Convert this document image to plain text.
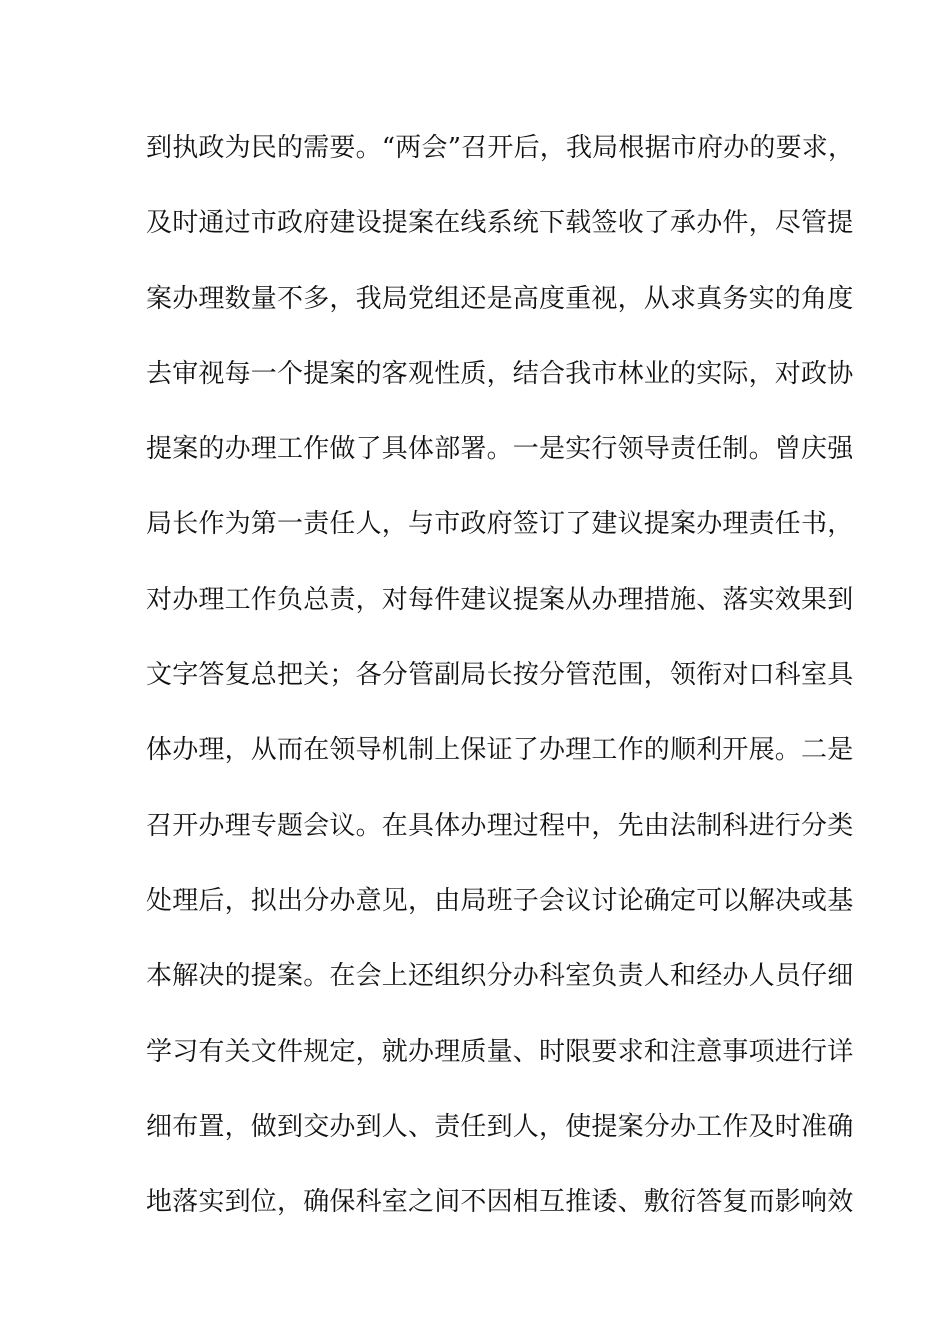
到执政为民的需要。“两会”召开后，我局根据市府办的要求，
及时通过市政府建设提案在线系统下载签收了承办件，尽管提
案办理数量不多，我局党组还是高度重视，从求真务实的角度
去审视每一个提案的客观性质，结合我市林业的实际，对政协
提案的办理工作做了具体部署。一是实行领导责任制。曾庆强
局长作为第一责任人，与市政府签订了建议提案办理责任书，
对办理工作负总责，对每件建议提案从办理措施、落实效果到
文字答复总把关；各分管副局长按分管范围，领衔对口科室具
体办理，从而在领导机制上保证了办理工作的顺利开展。二是
召开办理专题会议。在具体办理过程中，先由法制科进行分类
处理后，拟出分办意见，由局班子会议讨论确定可以解决或基
本解决的提案。在会上还组织分办科室负责人和经办人员仔细
学习有关文件规定，就办理质量、时限要求和注意事项进行详
细布置，做到交办到人、责任到人，使提案分办工作及时准确
地落实到位，确保科室之间不因相互推诿、敷衍答复而影响效
